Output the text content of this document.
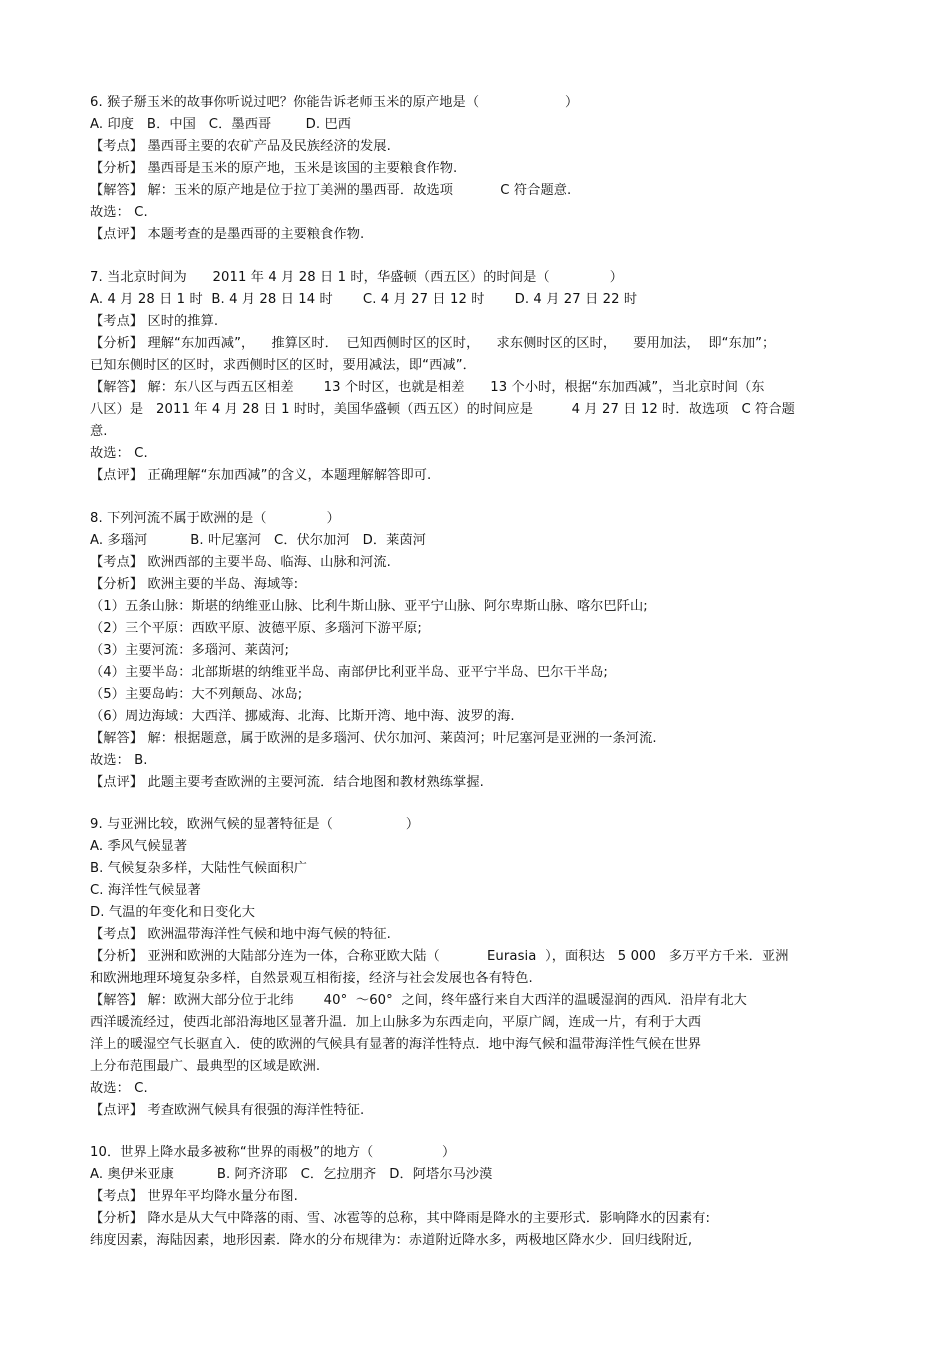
6. 猴子掰玉米的故事你听说过吧？你能告诉老师玉米的原产地是（                    ）
A. 印度   B．中国   C．墨西哥        D. 巴西
【考点】 墨西哥主要的农矿产品及民族经济的发展.
【分析】 墨西哥是玉米的原产地，玉米是该国的主要粮食作物.
【解答】 解：玉米的原产地是位于拉丁美洲的墨西哥．故选项           C 符合题意.
故选： C.
【点评】 本题考查的是墨西哥的主要粮食作物.
7. 当北京时间为      2011 年 4 月 28 日 1 时，华盛顿（西五区）的时间是（              ）
A. 4 月 28 日 1 时  B. 4 月 28 日 14 时       C. 4 月 27 日 12 时       D. 4 月 27 日 22 时
【考点】 区时的推算.
【分析】 理解“东加西减”，    推算区时．  已知西侧时区的区时，    求东侧时区的区时，    要用加法，  即“东加”；
已知东侧时区的区时，求西侧时区的区时，要用减法，即“西减”．
【解答】 解：东八区与西五区相差       13 个时区，也就是相差      13 个小时，根据“东加西减”，当北京时间（东
八区）是   2011 年 4 月 28 日 1 时时，美国华盛顿（西五区）的时间应是         4 月 27 日 12 时．故选项   C 符合题
意.
故选： C.
【点评】 正确理解“东加西减”的含义，本题理解解答即可.
8. 下列河流不属于欧洲的是（              ）
A. 多瑙河          B. 叶尼塞河   C．伏尔加河   D．莱茵河
【考点】 欧洲西部的主要半岛、临海、山脉和河流.
【分析】 欧洲主要的半岛、海域等:
（1）五条山脉：斯堪的纳维亚山脉、比利牛斯山脉、亚平宁山脉、阿尔卑斯山脉、喀尔巴阡山;
（2）三个平原：西欧平原、波德平原、多瑙河下游平原;
（3）主要河流：多瑙河、莱茵河;
（4）主要半岛：北部斯堪的纳维亚半岛、南部伊比利亚半岛、亚平宁半岛、巴尔干半岛;
（5）主要岛屿：大不列颠岛、冰岛;
（6）周边海域：大西洋、挪威海、北海、比斯开湾、地中海、波罗的海.
【解答】 解：根据题意，属于欧洲的是多瑙河、伏尔加河、莱茵河；叶尼塞河是亚洲的一条河流.
故选： B.
【点评】 此题主要考查欧洲的主要河流．结合地图和教材熟练掌握.
9. 与亚洲比较，欧洲气候的显著特征是（                 ）
A. 季风气候显著
B. 气候复杂多样，大陆性气候面积广
C. 海洋性气候显著
D. 气温的年变化和日变化大
【考点】 欧洲温带海洋性气候和地中海气候的特征.
【分析】 亚洲和欧洲的大陆部分连为一体，合称亚欧大陆（           Eurasia  ），面积达   5 000   多万平方千米．亚洲
和欧洲地理环境复杂多样，自然景观互相衔接，经济与社会发展也各有特色.
【解答】 解：欧洲大部分位于北纬       40°  ～60°  之间，终年盛行来自大西洋的温暖湿润的西风．沿岸有北大
西洋暖流经过，使西北部沿海地区显著升温．加上山脉多为东西走向，平原广阔，连成一片，有利于大西
洋上的暖湿空气长驱直入．使的欧洲的气候具有显著的海洋性特点．地中海气候和温带海洋性气候在世界
上分布范围最广、最典型的区域是欧洲.
故选： C.
【点评】 考查欧洲气候具有很强的海洋性特征.
10．世界上降水最多被称“世界的雨极”的地方（                ）
A. 奥伊米亚康          B. 阿齐济耶   C．乞拉朋齐   D．阿塔尔马沙漠
【考点】 世界年平均降水量分布图.
【分析】 降水是从大气中降落的雨、雪、冰雹等的总称，其中降雨是降水的主要形式．影响降水的因素有:
纬度因素，海陆因素，地形因素．降水的分布规律为：赤道附近降水多，两极地区降水少．回归线附近,
